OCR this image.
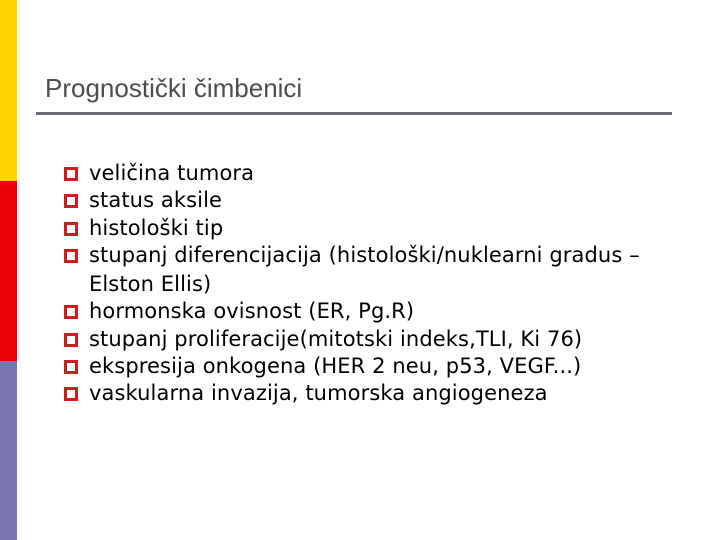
Prognostički čimbenici
veličina tumora
status aksile
histološki tip
stupanj diferencijacija (histološki/nuklearni gradus – Elston Ellis)
hormonska ovisnost (ER, Pg.R)
stupanj proliferacije(mitotski indeks,TLI, Ki 76)
ekspresija onkogena (HER 2 neu, p53, VEGF...)
vaskularna invazija, tumorska angiogeneza
